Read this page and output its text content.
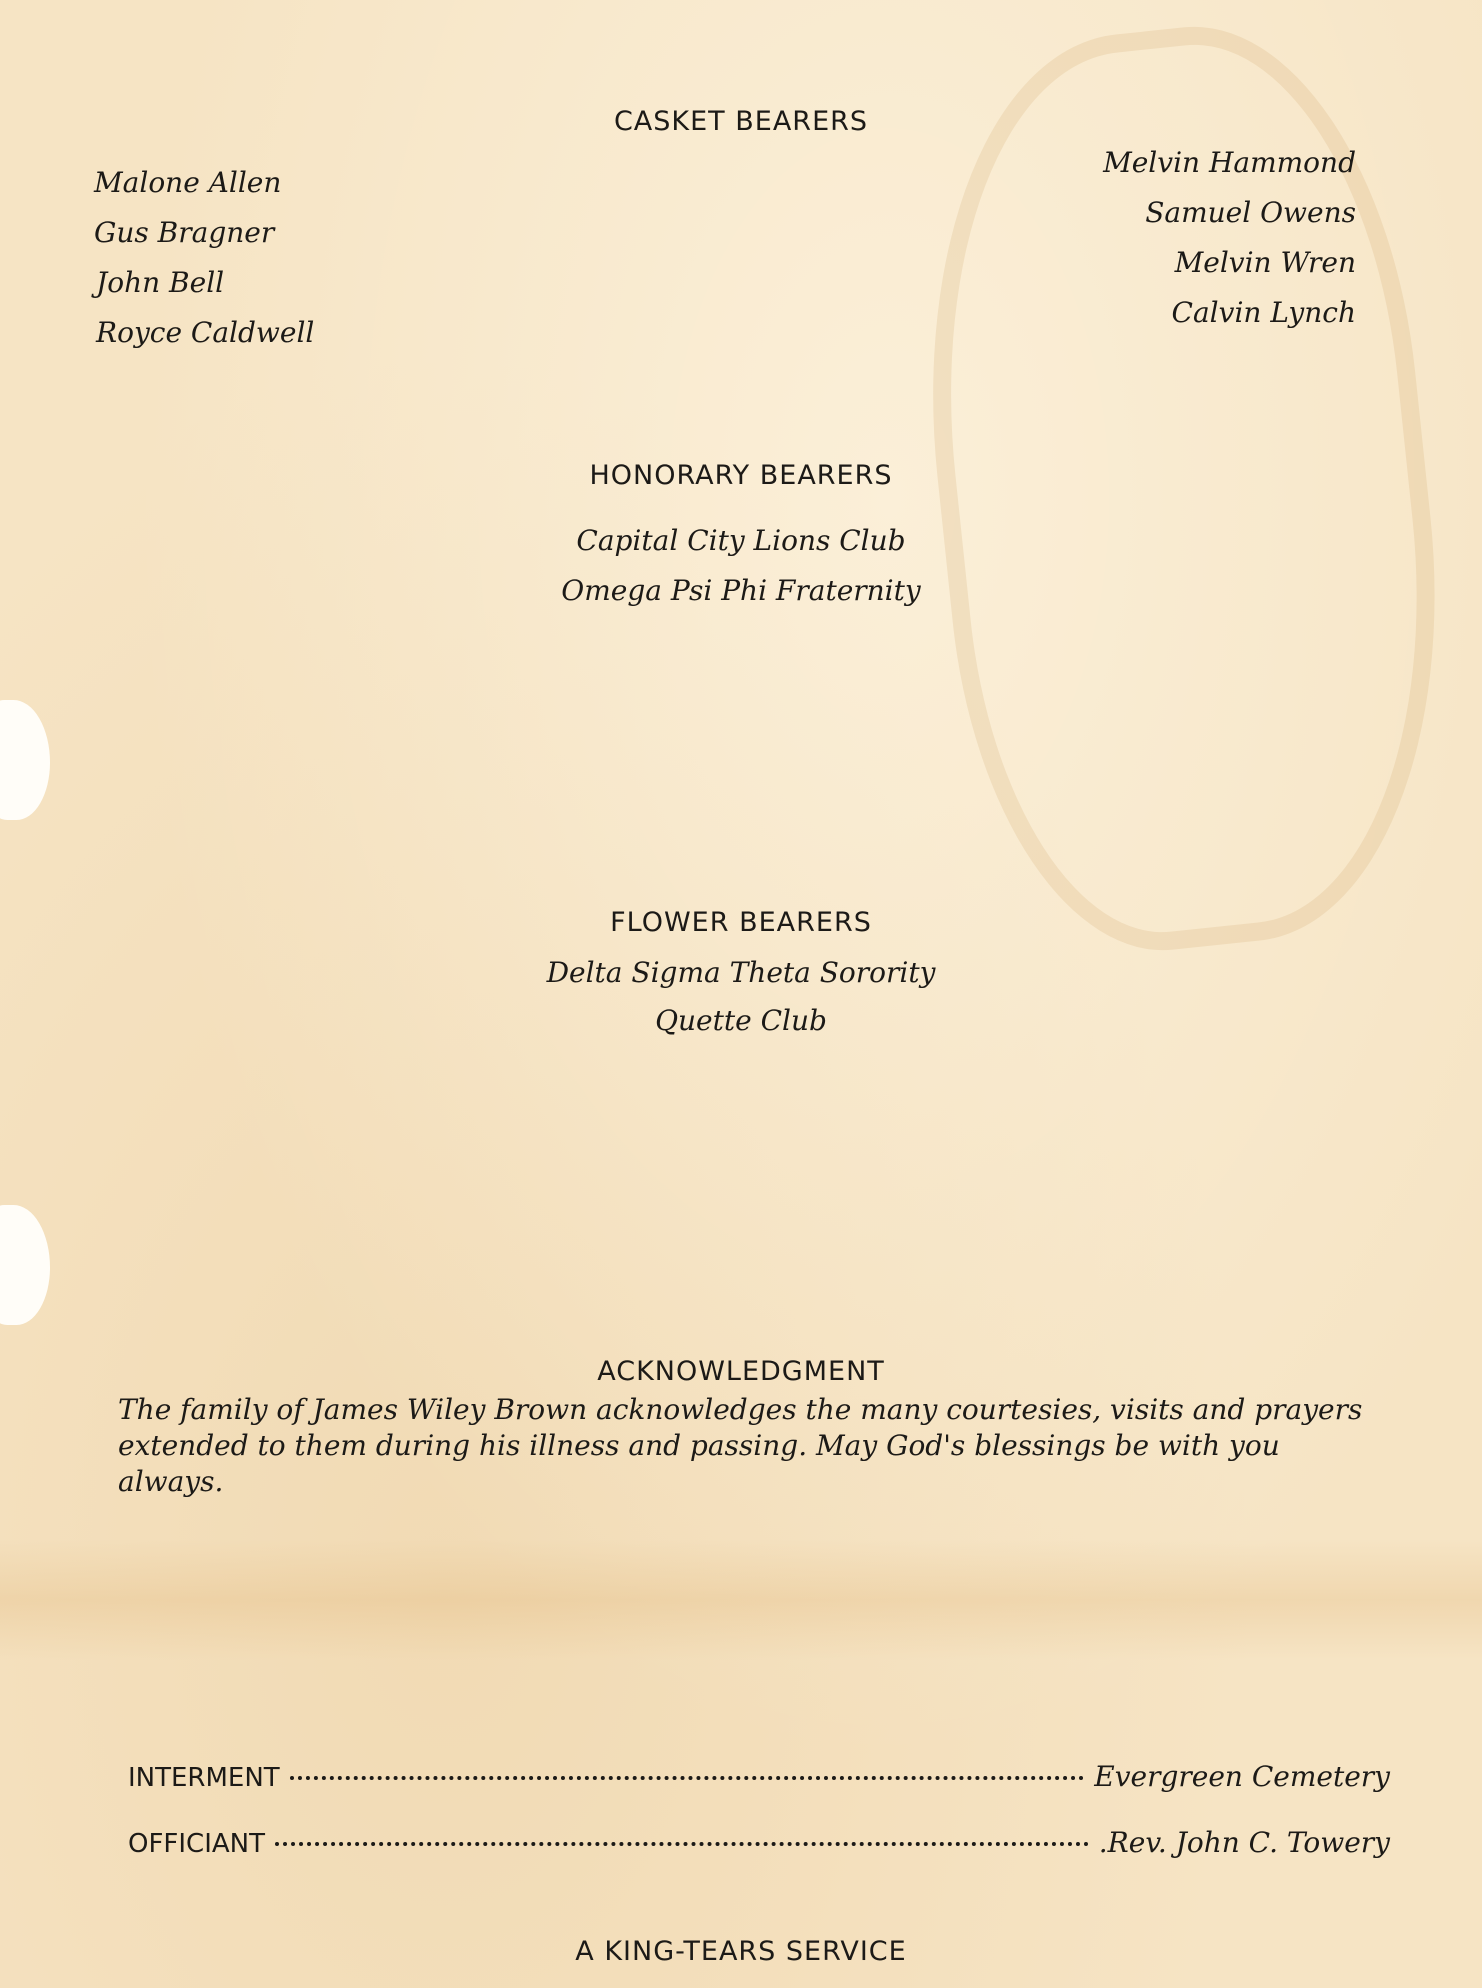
CASKET BEARERS
Malone Allen
Gus Bragner
John Bell
Royce Caldwell
Melvin Hammond
Samuel Owens
Melvin Wren
Calvin Lynch
HONORARY BEARERS
Capital City Lions Club
Omega Psi Phi Fraternity
FLOWER BEARERS
Delta Sigma Theta Sorority
Quette Club
ACKNOWLEDGMENT
The family of James Wiley Brown acknowledges the many courtesies, visits and prayers extended to them during his illness and passing. May God's blessings be with you always.
INTERMENT	Evergreen Cemetery
OFFICIANT	.Rev. John C. Towery
A KING-TEARS SERVICE
